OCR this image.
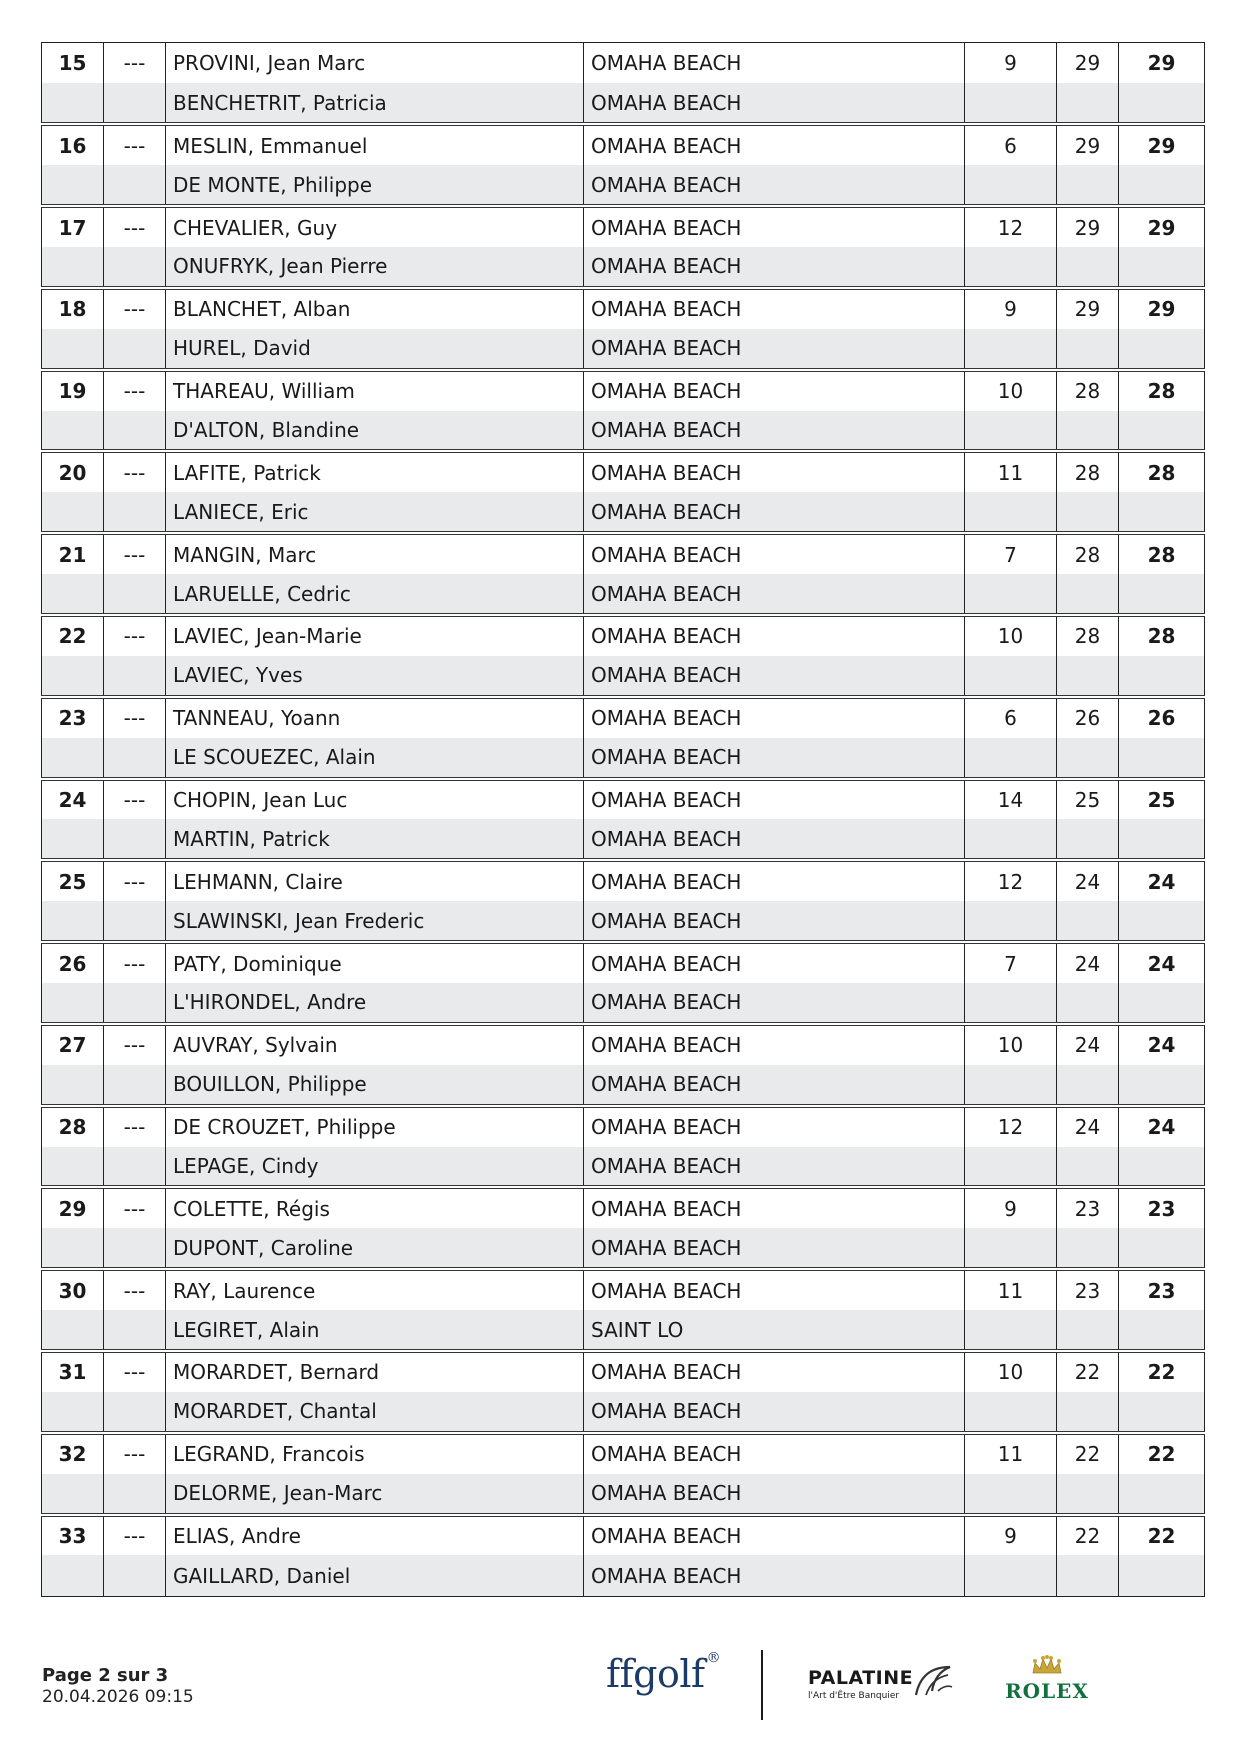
15	---	PROVINI, Jean Marc	OMAHA BEACH	9	29	29
		BENCHETRIT, Patricia	OMAHA BEACH			
16	---	MESLIN, Emmanuel	OMAHA BEACH	6	29	29
		DE MONTE, Philippe	OMAHA BEACH			
17	---	CHEVALIER, Guy	OMAHA BEACH	12	29	29
		ONUFRYK, Jean Pierre	OMAHA BEACH			
18	---	BLANCHET, Alban	OMAHA BEACH	9	29	29
		HUREL, David	OMAHA BEACH			
19	---	THAREAU, William	OMAHA BEACH	10	28	28
		D'ALTON, Blandine	OMAHA BEACH			
20	---	LAFITE, Patrick	OMAHA BEACH	11	28	28
		LANIECE, Eric	OMAHA BEACH			
21	---	MANGIN, Marc	OMAHA BEACH	7	28	28
		LARUELLE, Cedric	OMAHA BEACH			
22	---	LAVIEC, Jean-Marie	OMAHA BEACH	10	28	28
		LAVIEC, Yves	OMAHA BEACH			
23	---	TANNEAU, Yoann	OMAHA BEACH	6	26	26
		LE SCOUEZEC, Alain	OMAHA BEACH			
24	---	CHOPIN, Jean Luc	OMAHA BEACH	14	25	25
		MARTIN, Patrick	OMAHA BEACH			
25	---	LEHMANN, Claire	OMAHA BEACH	12	24	24
		SLAWINSKI, Jean Frederic	OMAHA BEACH			
26	---	PATY, Dominique	OMAHA BEACH	7	24	24
		L'HIRONDEL, Andre	OMAHA BEACH			
27	---	AUVRAY, Sylvain	OMAHA BEACH	10	24	24
		BOUILLON, Philippe	OMAHA BEACH			
28	---	DE CROUZET, Philippe	OMAHA BEACH	12	24	24
		LEPAGE, Cindy	OMAHA BEACH			
29	---	COLETTE, Régis	OMAHA BEACH	9	23	23
		DUPONT, Caroline	OMAHA BEACH			
30	---	RAY, Laurence	OMAHA BEACH	11	23	23
		LEGIRET, Alain	SAINT LO			
31	---	MORARDET, Bernard	OMAHA BEACH	10	22	22
		MORARDET, Chantal	OMAHA BEACH			
32	---	LEGRAND, Francois	OMAHA BEACH	11	22	22
		DELORME, Jean-Marc	OMAHA BEACH			
33	---	ELIAS, Andre	OMAHA BEACH	9	22	22
		GAILLARD, Daniel	OMAHA BEACH			
Page 2 sur 3
20.04.2026 09:15
ffgolf ®
PALATINE
l'Art d'Être Banquier	ROLEX
